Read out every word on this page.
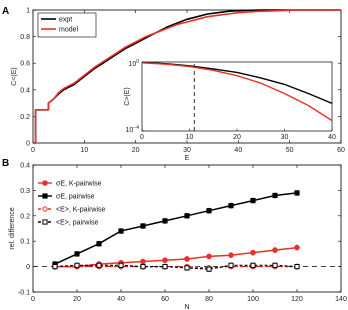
A
0	10	20	30	40	50	60
0
0.2
0.4
0.6
0.8
1
E
C<(E)
expt
model
0	10	20	30	40
$10^0$
$10^{-4}$
C>(E)
B
0	20	40	60	80	100	120	140
-0.1
0
0.1
0.2
0.3
0.4
N
rel. difference
σE, K-pairwise
σE, pairwise
<E>, K-pairwise
<E>, pairwise
